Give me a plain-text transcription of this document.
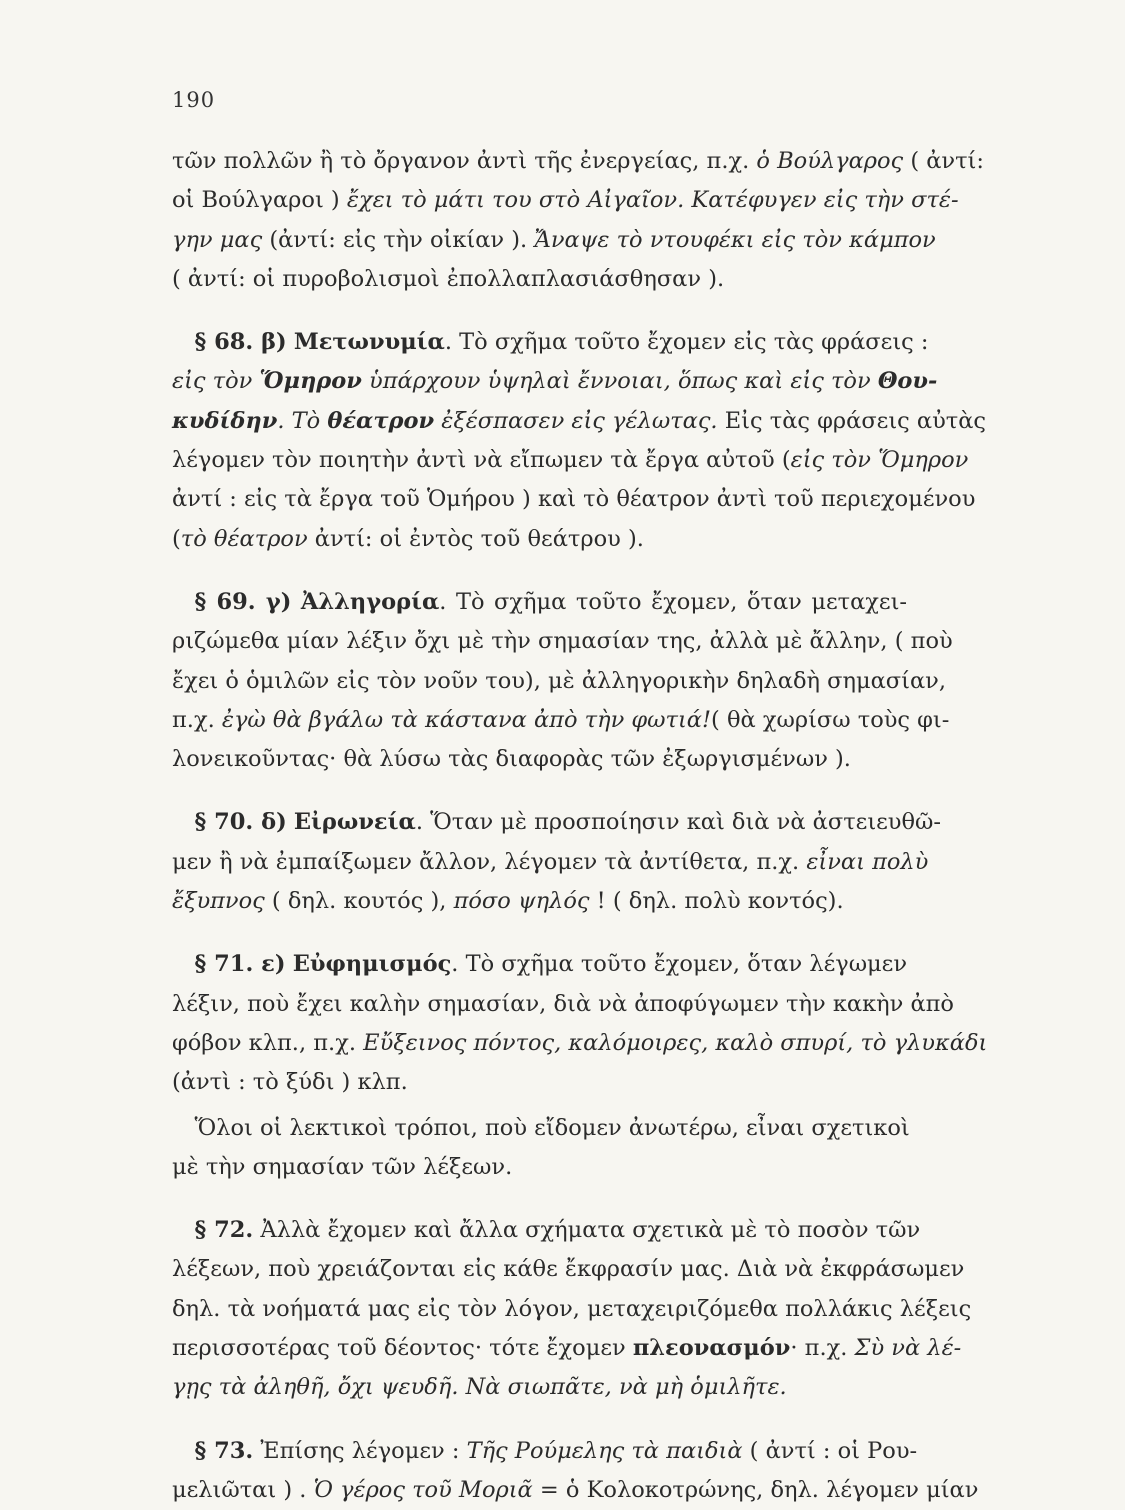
190
τῶν πολλῶν ἢ τὸ ὄργανον ἀντὶ τῆς ἐνεργείας, π.χ. ὁ Βούλγαρος ( ἀντί:
οἱ Βούλγαροι ) ἔχει τὸ μάτι του στὸ Αἰγαῖον. Κατέφυγεν εἰς τὴν στέ-
γην μας (ἀντί: εἰς τὴν οἰκίαν ). Ἄναψε τὸ ντουφέκι εἰς τὸν κάμπον
( ἀντί: οἱ πυροβολισμοὶ ἐπολλαπλασιάσθησαν ).
 § 68. β) Μετωνυμία. Τὸ σχῆμα τοῦτο ἔχομεν εἰς τὰς φράσεις :
εἰς τὸν Ὅμηρον ὑπάρχουν ὑψηλαὶ ἔννοιαι, ὅπως καὶ εἰς τὸν Θου-
κυδίδην. Τὸ θέατρον ἐξέσπασεν εἰς γέλωτας. Εἰς τὰς φράσεις αὐτὰς
λέγομεν τὸν ποιητὴν ἀντὶ νὰ εἴπωμεν τὰ ἔργα αὐτοῦ (εἰς τὸν Ὅμηρον
ἀντί : εἰς τὰ ἔργα τοῦ Ὁμήρου ) καὶ τὸ θέατρον ἀντὶ τοῦ περιεχομένου
(τὸ θέατρον ἀντί: οἱ ἐντὸς τοῦ θεάτρου ).
 § 69. γ) Ἀλληγορία. Τὸ σχῆμα τοῦτο ἔχομεν, ὅταν μεταχει-
ριζώμεθα μίαν λέξιν ὄχι μὲ τὴν σημασίαν της, ἀλλὰ μὲ ἄλλην, ( ποὺ
ἔχει ὁ ὁμιλῶν εἰς τὸν νοῦν του), μὲ ἀλληγορικὴν δηλαδὴ σημασίαν,
π.χ. ἐγὼ θὰ βγάλω τὰ κάστανα ἀπὸ τὴν φωτιά!( θὰ χωρίσω τοὺς φι-
λονεικοῦντας· θὰ λύσω τὰς διαφορὰς τῶν ἐξωργισμένων ).
 § 70. δ) Εἰρωνεία. Ὅταν μὲ προσποίησιν καὶ διὰ νὰ ἀστειευθῶ-
μεν ἢ νὰ ἐμπαίξωμεν ἄλλον, λέγομεν τὰ ἀντίθετα, π.χ. εἶναι πολὺ
ἔξυπνος ( δηλ. κουτός ), πόσο ψηλός ! ( δηλ. πολὺ κοντός).
 § 71. ε) Εὐφημισμός. Τὸ σχῆμα τοῦτο ἔχομεν, ὅταν λέγωμεν
λέξιν, ποὺ ἔχει καλὴν σημασίαν, διὰ νὰ ἀποφύγωμεν τὴν κακὴν ἀπὸ
φόβον κλπ., π.χ. Εὔξεινος πόντος, καλόμοιρες, καλὸ σπυρί, τὸ γλυκάδι
(ἀντὶ : τὸ ξύδι ) κλπ.
 Ὅλοι οἱ λεκτικοὶ τρόποι, ποὺ εἴδομεν ἀνωτέρω, εἶναι σχετικοὶ
μὲ τὴν σημασίαν τῶν λέξεων.
 § 72. Ἀλλὰ ἔχομεν καὶ ἄλλα σχήματα σχετικὰ μὲ τὸ ποσὸν τῶν
λέξεων, ποὺ χρειάζονται εἰς κάθε ἔκφρασίν μας. Διὰ νὰ ἐκφράσωμεν
δηλ. τὰ νοήματά μας εἰς τὸν λόγον, μεταχειριζόμεθα πολλάκις λέξεις
περισσοτέρας τοῦ δέοντος· τότε ἔχομεν πλεονασμόν· π.χ. Σὺ νὰ λέ-
γῃς τὰ ἀληθῆ, ὄχι ψευδῆ. Νὰ σιωπᾶτε, νὰ μὴ ὁμιλῆτε.
 § 73. Ἐπίσης λέγομεν : Τῆς Ρούμελης τὰ παιδιὰ ( ἀντί : οἱ Ρου-
μελιῶται ) . Ὁ γέρος τοῦ Μοριᾶ = ὁ Κολοκοτρώνης, δηλ. λέγομεν μίαν
